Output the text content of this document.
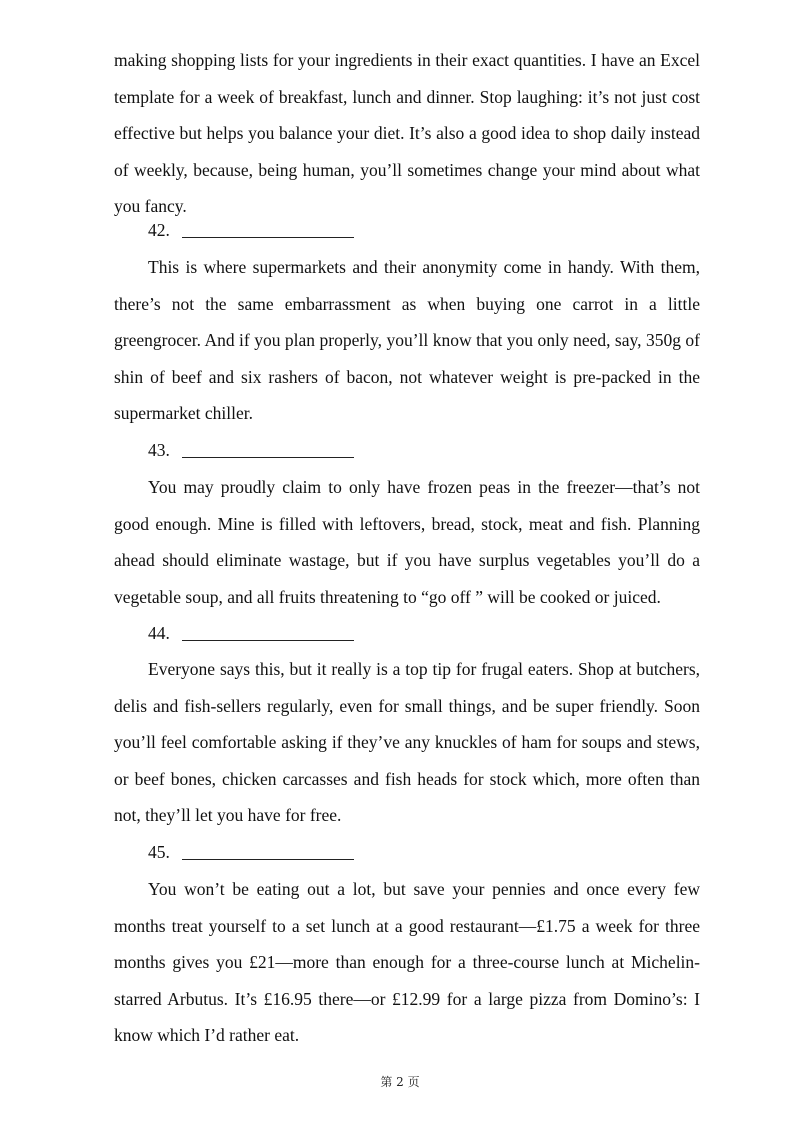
making shopping lists for your ingredients in their exact quantities. I have an Excel template for a week of breakfast, lunch and dinner. Stop laughing: it’s not just cost effective but helps you balance your diet. It’s also a good idea to shop daily instead of weekly, because, being human, you’ll sometimes change your mind about what you fancy.

42.

This is where supermarkets and their anonymity come in handy. With them, there’s not the same embarrassment as when buying one carrot in a little greengrocer. And if you plan properly, you’ll know that you only need, say, 350g of shin of beef and six rashers of bacon, not whatever weight is pre-packed in the supermarket chiller.

43.

You may proudly claim to only have frozen peas in the freezer—that’s not good enough. Mine is filled with leftovers, bread, stock, meat and fish. Planning ahead should eliminate wastage, but if you have surplus vegetables you’ll do a vegetable soup, and all fruits threatening to “go off ” will be cooked or juiced.

44.

Everyone says this, but it really is a top tip for frugal eaters. Shop at butchers, delis and fish-sellers regularly, even for small things, and be super friendly. Soon you’ll feel comfortable asking if they’ve any knuckles of ham for soups and stews, or beef bones, chicken carcasses and fish heads for stock which, more often than not, they’ll let you have for free.

45.

You won’t be eating out a lot, but save your pennies and once every few months treat yourself to a set lunch at a good restaurant—£1.75 a week for three months gives you £21—more than enough for a three-course lunch at Michelin-starred Arbutus. It’s £16.95 there—or £12.99 for a large pizza from Domino’s: I know which I’d rather eat.

第 2 页
